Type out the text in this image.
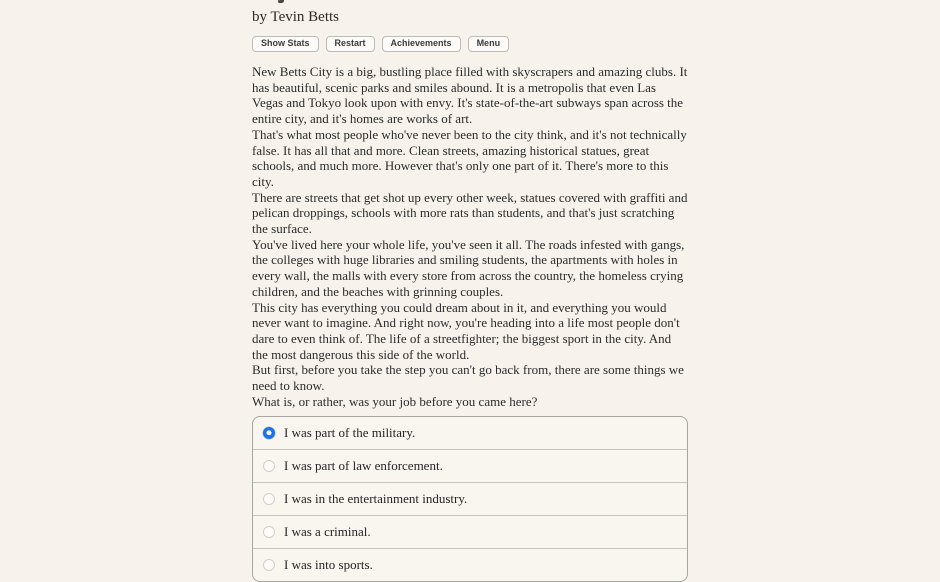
by Tevin Betts
Show Stats	Restart	Achievements	Menu

New Betts City is a big, bustling place filled with skyscrapers and amazing clubs. It has beautiful, scenic parks and smiles abound. It is a metropolis that even Las Vegas and Tokyo look upon with envy. It's state-of-the-art subways span across the entire city, and it's homes are works of art.

That's what most people who've never been to the city think, and it's not technically false. It has all that and more. Clean streets, amazing historical statues, great schools, and much more. However that's only one part of it. There's more to this city.

There are streets that get shot up every other week, statues covered with graffiti and pelican droppings, schools with more rats than students, and that's just scratching the surface.

You've lived here your whole life, you've seen it all. The roads infested with gangs, the colleges with huge libraries and smiling students, the apartments with holes in every wall, the malls with every store from across the country, the homeless crying children, and the beaches with grinning couples.

This city has everything you could dream about in it, and everything you would never want to imagine. And right now, you're heading into a life most people don't dare to even think of. The life of a streetfighter; the biggest sport in the city. And the most dangerous this side of the world.

But first, before you take the step you can't go back from, there are some things we need to know.

What is, or rather, was your job before you came here?

I was part of the military.
I was part of law enforcement.
I was in the entertainment industry.
I was a criminal.
I was into sports.
